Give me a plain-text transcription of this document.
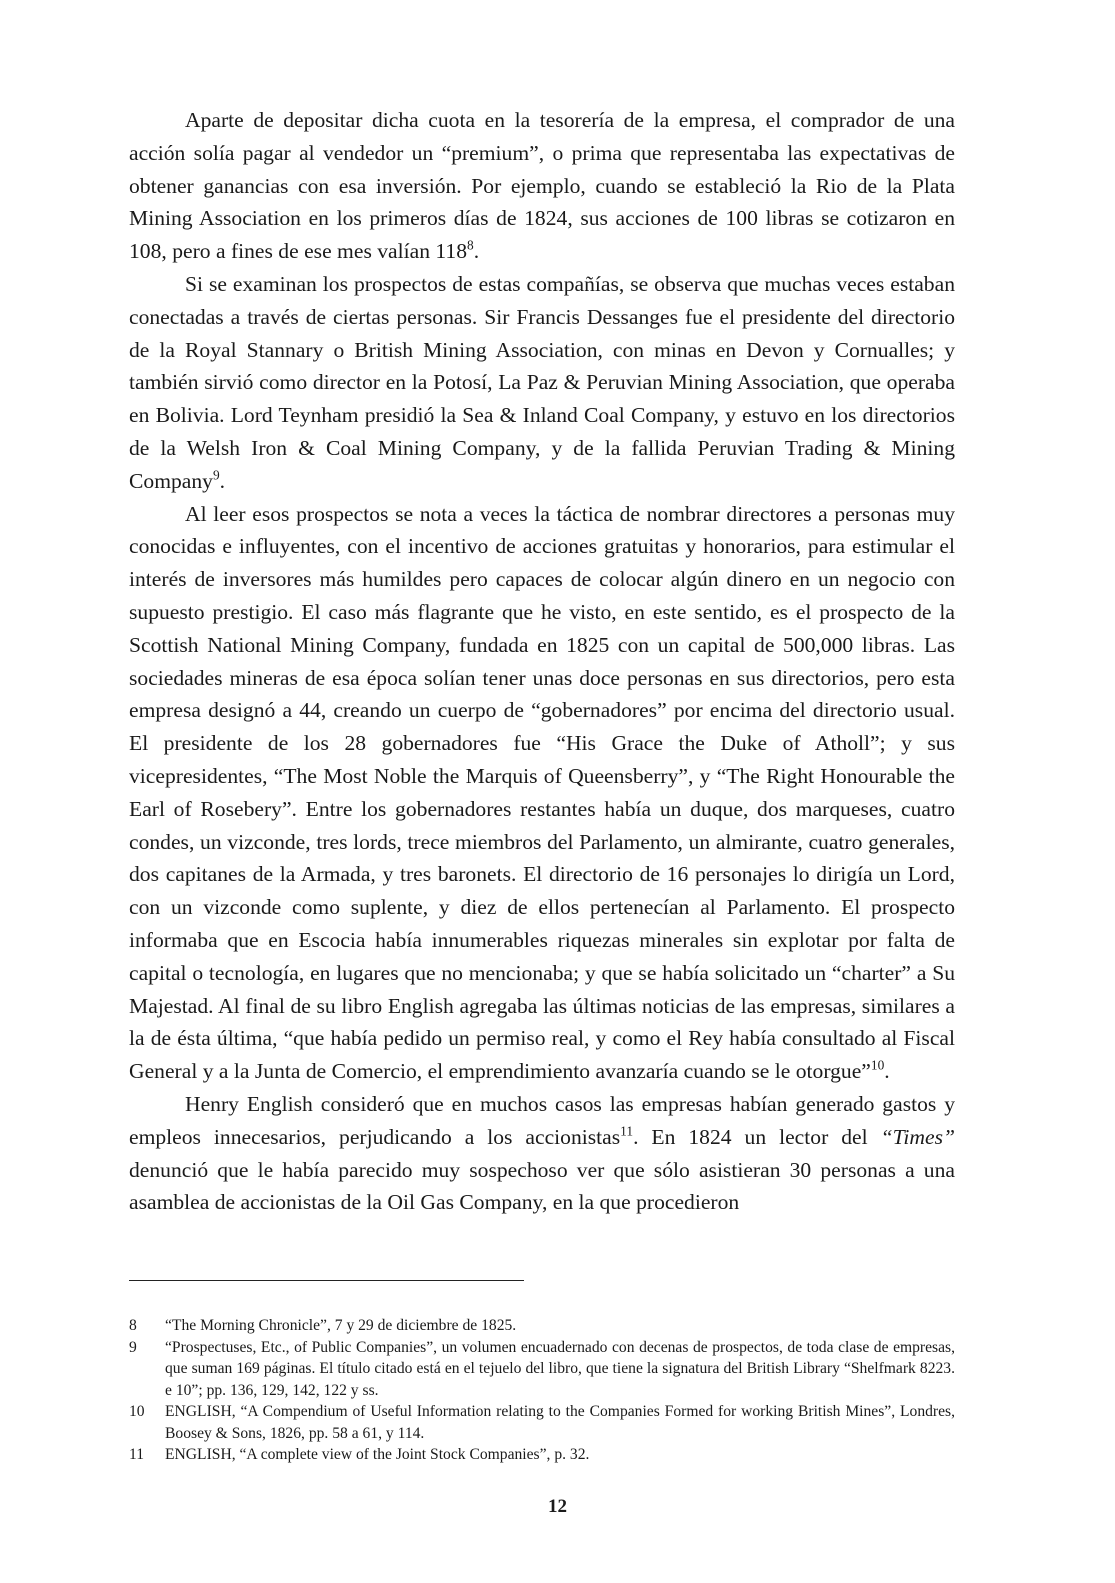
Aparte de depositar dicha cuota en la tesorería de la empresa, el comprador de una acción solía pagar al vendedor un “premium”, o prima que representaba las expectativas de obtener ganancias con esa inversión. Por ejemplo, cuando se estableció la Rio de la Plata Mining Association en los primeros días de 1824, sus acciones de 100 libras se cotizaron en 108, pero a fines de ese mes valían $118^8$.

Si se examinan los prospectos de estas compañías, se observa que muchas veces estaban conectadas a través de ciertas personas. Sir Francis Dessanges fue el presidente del directorio de la Royal Stannary o British Mining Association, con minas en Devon y Cornualles; y también sirvió como director en la Potosí, La Paz & Peruvian Mining Association, que operaba en Bolivia. Lord Teynham presidió la Sea & Inland Coal Company, y estuvo en los directorios de la Welsh Iron & Coal Mining Company, y de la fallida Peruvian Trading & Mining Company$^9$.

Al leer esos prospectos se nota a veces la táctica de nombrar directores a personas muy conocidas e influyentes, con el incentivo de acciones gratuitas y honorarios, para estimular el interés de inversores más humildes pero capaces de colocar algún dinero en un negocio con supuesto prestigio. El caso más flagrante que he visto, en este sentido, es el prospecto de la Scottish National Mining Company, fundada en 1825 con un capital de 500,000 libras. Las sociedades mineras de esa época solían tener unas doce personas en sus directorios, pero esta empresa designó a 44, creando un cuerpo de “gobernadores” por encima del directorio usual. El presidente de los 28 gobernadores fue “His Grace the Duke of Atholl”; y sus vicepresidentes, “The Most Noble the Marquis of Queensberry”, y “The Right Honourable the Earl of Rosebery”. Entre los gobernadores restantes había un duque, dos marqueses, cuatro condes, un vizconde, tres lords, trece miembros del Parlamento, un almirante, cuatro generales, dos capitanes de la Armada, y tres baronets. El directorio de 16 personajes lo dirigía un Lord, con un vizconde como suplente, y diez de ellos pertenecían al Parlamento. El prospecto informaba que en Escocia había innumerables riquezas minerales sin explotar por falta de capital o tecnología, en lugares que no mencionaba; y que se había solicitado un “charter” a Su Majestad. Al final de su libro English agregaba las últimas noticias de las empresas, similares a la de ésta última, “que había pedido un permiso real, y como el Rey había consultado al Fiscal General y a la Junta de Comercio, el emprendimiento avanzaría cuando se le otorgue”$^{10}$.

Henry English consideró que en muchos casos las empresas habían generado gastos y empleos innecesarios, perjudicando a los accionistas$^{11}$. En 1824 un lector del “Times” denunció que le había parecido muy sospechoso ver que sólo asistieran 30 personas a una asamblea de accionistas de la Oil Gas Company, en la que procedieron

8	“The Morning Chronicle”, 7 y 29 de diciembre de 1825.
9	“Prospectuses, Etc., of Public Companies”, un volumen encuadernado con decenas de prospectos, de toda clase de empresas, que suman 169 páginas. El título citado está en el tejuelo del libro, que tiene la signatura del British Library “Shelfmark 8223. e 10”; pp. 136, 129, 142, 122 y ss.
10	ENGLISH, “A Compendium of Useful Information relating to the Companies Formed for working British Mines”, Londres, Boosey & Sons, 1826, pp. 58 a 61, y 114.
11	ENGLISH, “A complete view of the Joint Stock Companies”, p. 32.
12
